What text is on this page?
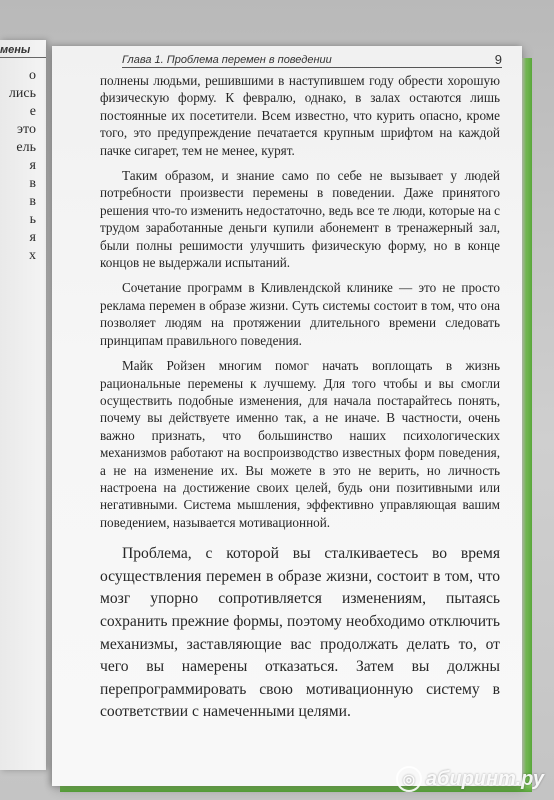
мены
о
лись
е
это
ель
я
в
в
ь
я
х
Глава 1. Проблема перемен в поведении	9

полнены людьми, решившими в наступившем году обрести хорошую физическую форму. К февралю, однако, в залах остаются лишь постоянные их посетители. Всем известно, что курить опасно, кроме того, это предупреждение печатается крупным шрифтом на каждой пачке сигарет, тем не менее, курят.

Таким образом, и знание само по себе не вызывает у людей потребности произвести перемены в поведении. Даже принятого решения что-то изменить недостаточно, ведь все те люди, которые на с трудом заработанные деньги купили абонемент в тренажерный зал, были полны решимости улучшить физическую форму, но в конце концов не выдержали испытаний.

Сочетание программ в Кливлендской клинике — это не просто реклама перемен в образе жизни. Суть системы состоит в том, что она позволяет людям на протяжении длительного времени следовать принципам правильного поведения.

Майк Ройзен многим помог начать воплощать в жизнь рациональные перемены к лучшему. Для того чтобы и вы смогли осуществить подобные изменения, для начала постарайтесь понять, почему вы действуете именно так, а не иначе. В частности, очень важно признать, что большинство наших психологических механизмов работают на воспроизводство известных форм поведения, а не на изменение их. Вы можете в это не верить, но личность настроена на достижение своих целей, будь они позитивными или негативными. Система мышления, эффективно управляющая вашим поведением, называется мотивационной.

Проблема, с которой вы сталкиваетесь во время осуществления перемен в образе жизни, состоит в том, что мозг упорно сопротивляется изменениям, пытаясь сохранить прежние формы, поэтому необходимо отключить механизмы, заставляющие вас продолжать делать то, от чего вы намерены отказаться. Затем вы должны перепрограммировать свою мотивационную систему в соответствии с намеченными целями.

◎ абиринт.ру
